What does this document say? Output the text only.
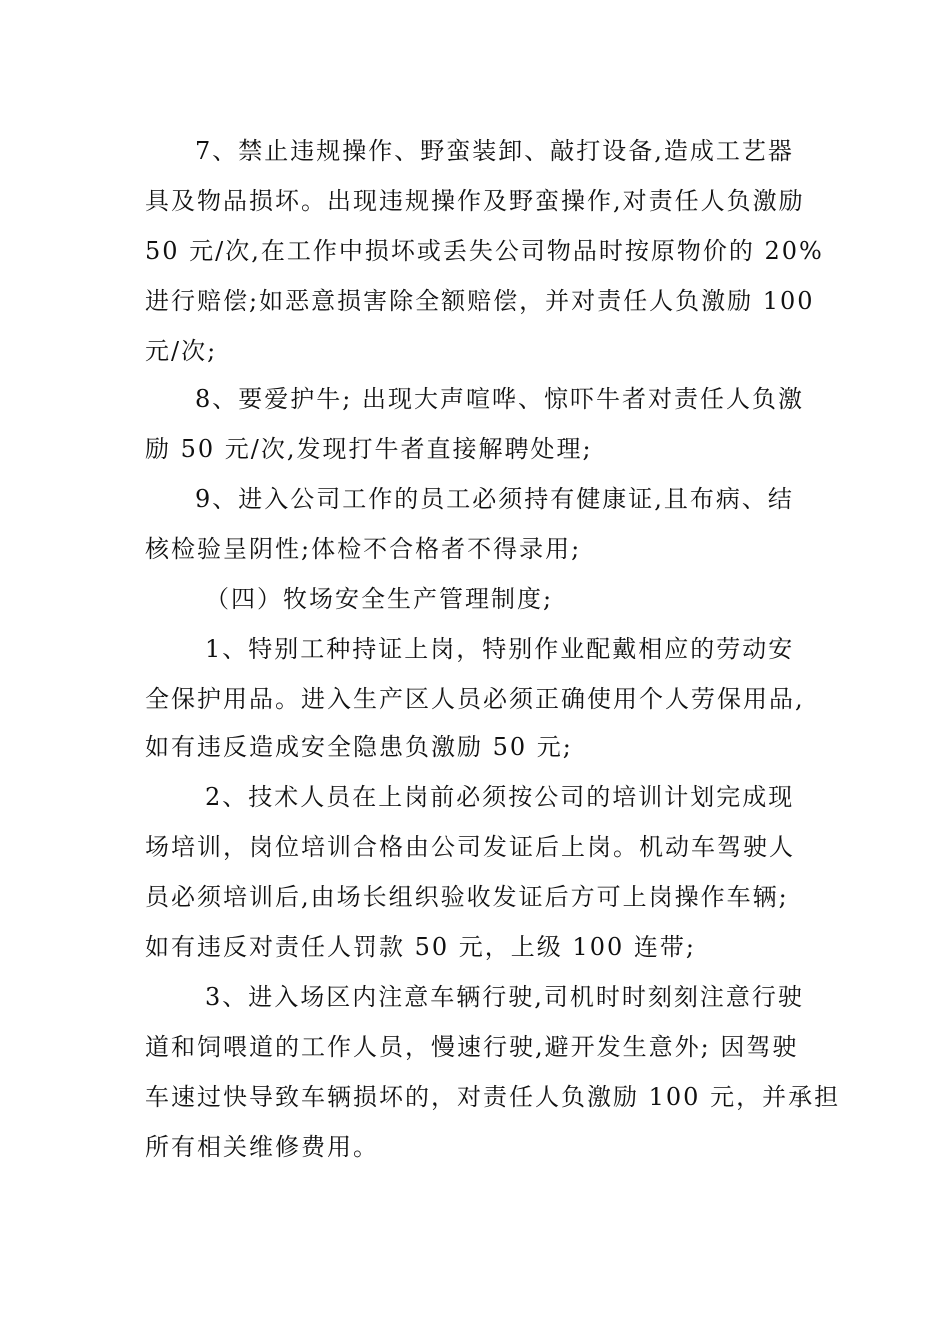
7、禁止违规操作、野蛮装卸、敲打设备,造成工艺器
具及物品损坏。出现违规操作及野蛮操作,对责任人负激励
50 元/次,在工作中损坏或丢失公司物品时按原物价的 20%
进行赔偿;如恶意损害除全额赔偿，并对责任人负激励 100
元/次;
8、要爱护牛; 出现大声喧哗、惊吓牛者对责任人负激
励 50 元/次,发现打牛者直接解聘处理;
9、进入公司工作的员工必须持有健康证,且布病、结
核检验呈阴性;体检不合格者不得录用;
（四）牧场安全生产管理制度;
1、特别工种持证上岗，特别作业配戴相应的劳动安
全保护用品。进入生产区人员必须正确使用个人劳保用品,
如有违反造成安全隐患负激励 50 元;
2、技术人员在上岗前必须按公司的培训计划完成现
场培训，岗位培训合格由公司发证后上岗。机动车驾驶人
员必须培训后,由场长组织验收发证后方可上岗操作车辆;
如有违反对责任人罚款 50 元，上级 100 连带;
3、进入场区内注意车辆行驶,司机时时刻刻注意行驶
道和饲喂道的工作人员，慢速行驶,避开发生意外; 因驾驶
车速过快导致车辆损坏的，对责任人负激励 100 元，并承担
所有相关维修费用。
